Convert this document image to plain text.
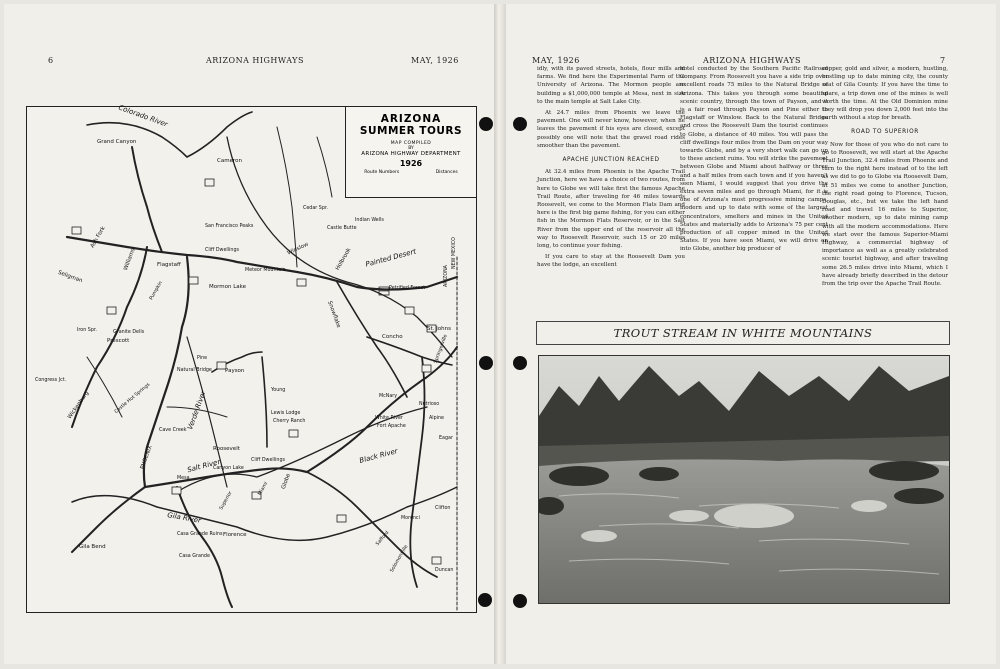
6	ARIZONA HIGHWAYS	MAY, 1926	MAY, 1926	ARIZONA HIGHWAYS	7
ARIZONA
SUMMER TOURS
MAP COMPILED
BY
ARIZONA HIGHWAY DEPARTMENT
1926
Route Numbers	Distances
Grand Canyon
Colorado River
Cameron
San Francisco Peaks
Flagstaff
Williams
Ash Fork
Seligman
Cliff Dwellings
Mormon Lake
Meteor Mountain
Winslow	Holbrook
Cedar Spr.
Castle Butte
Indian Wells
Petrified Forest
Painted Desert
St. Johns
Concho
Snowflake
Prescott
Granite Dells
Iron Spr.
Congress Jct.
Wickenburg	Castle Hot Springs
Cave Creek
PHOENIX
Mesa
Roosevelt
Canyon Lake
Cliff Dwellings
Globe
Miami
Payson
Natural Bridge
Pine
Young
Lewis Lodge
Cherry Ranch
White River
Fort Apache
McNary
Springerville
Nutrioso
Alpine
Eagar
Florence
Casa Grande
Casa Grande Ruins
Gila Bend
Gila River
Salt River
Black River
Morenci
Clifton
Solomonville
Safford
Duncan
Verde River
NEW MEXICO
ARIZONA
Pumpkin
Superior

idly, with its paved streets, hotels, flour mills and farms. We find here the Experimental Farm of the University of Arizona. The Mormon people are building a $1,000,000 temple at Mesa, next in size to the main temple at Salt Lake City.

At 24.7 miles from Phoenix we leave the pavement. One will never know, however, when he leaves the pavement if his eyes are closed, except possibly one will note that the gravel road rides smoother than the pavement.

APACHE JUNCTION REACHED

At 32.4 miles from Phoenix is the Apache Trail Junction, here we have a choice of two routes, from here to Globe we will take first the famous Apache Trail Route, after traveling for 46 miles towards Roosevelt, we come to the Mormon Flats Dam and here is the first big game fishing, for you can either fish in the Mormon Flats Reservoir, or in the Salt River from the upper end of the reservoir all the way to Roosevelt Reservoir, such 15 or 20 miles long, to continue your fishing.

If you care to stay at the Roosevelt Dam you have the lodge, an excellent

hotel conducted by the Southern Pacific Railroad Company. From Roosevelt you have a side trip over excellent roads 75 miles to the Natural Bridge of Arizona. This takes you through some beautiful scenic country, through the town of Payson, and it is a fair road through Payson and Pine either to Flagstaff or Winslow. Back to the Natural Bridge and cross the Roosevelt Dam the tourist continues to Globe, a distance of 40 miles. You will pass the cliff dwellings four miles from the Dam on your way towards Globe, and by a very short walk can go up to these ancient ruins. You will strike the pavement between Globe and Miami about halfway or three and a half miles from each town and if you haven't seen Miami, I would suggest that you drive the extra seven miles and go through Miami, for it is one of Arizona's most progressive mining camps, modern and up to date with some of the largest concentrators, smelters and mines in the United States and materially adds to Arizona's 75 per cent production of all copper mined in the United States. If you have seen Miami, we will drive on into Globe, another big producer of

copper, gold and silver, a modern, hustling, bustling up to date mining city, the county seat of Gila County. If you have the time to spare, a trip down one of the mines is well worth the time. At the Old Dominion mine they will drop you down 2,000 feet into the earth without a stop for breath.

ROAD TO SUPERIOR

Now for those of you who do not care to go to Roosevelt, we will start at the Apache Trail Junction, 32.4 miles from Phoenix and turn to the right here instead of to the left as we did to go to Globe via Roosevelt Dam, at 51 miles we come to another Junction, the right road going to Florence, Tucson, Douglas, etc., but we take the left hand road and travel 16 miles to Superior, another modern, up to date mining camp with all the modern accommodations. Here we start over the famous Superior-Miami Highway, a commercial highway of importance as well as a greatly celebrated scenic tourist highway, and after traveling some 26.5 miles drive into Miami, which I have already briefly described in the detour from the trip over the Apache Trail Route.

TROUT STREAM IN WHITE MOUNTAINS
